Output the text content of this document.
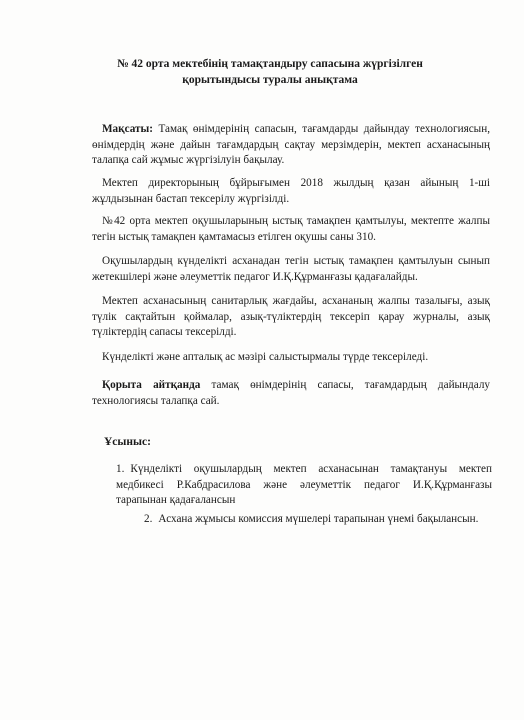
№ 42 орта мектебінің тамақтандыру сапасына жүргізілген
қорытындысы туралы анықтама
Мақсаты: Тамақ өнімдерінің сапасын, тағамдарды дайындау технологиясын, өнімдердің және дайын тағамдардың сақтау мерзімдерін, мектеп асханасының талапқа сай жұмыс жүргізілуін бақылау.
Мектеп директорының бұйрығымен 2018 жылдың қазан айының 1-ші жұлдызынан бастап тексерілу жүргізілді.
№42 орта мектеп оқушыларының ыстық тамақпен қамтылуы, мектепте жалпы тегін ыстық тамақпен қамтамасыз етілген оқушы саны 310.
Оқушылардың күнделікті асханадан тегін ыстық тамақпен қамтылуын сынып жетекшілері және әлеуметтік педагог И.Қ.Құрманғазы қадағалайды.
Мектеп асханасының санитарлық жағдайы, асхананың жалпы тазалығы, азық түлік сақтайтын қоймалар, азық-түліктердің тексеріп қарау журналы, азық түліктердің сапасы тексерілді.
Күнделікті және апталық ас мәзірі салыстырмалы түрде тексеріледі.
Қорыта айтқанда тамақ өнімдерінің сапасы, тағамдардың дайындалу технологиясы талапқа сай.
Ұсыныс:
1. Күнделікті оқушылардың мектеп асханасынан тамақтануы мектеп медбикесі Р.Кабдрасилова және әлеуметтік педагог И.Қ.Құрманғазы тарапынан қадағалансын
2. Асхана жұмысы комиссия мүшелері тарапынан үнемі бақылансын.
